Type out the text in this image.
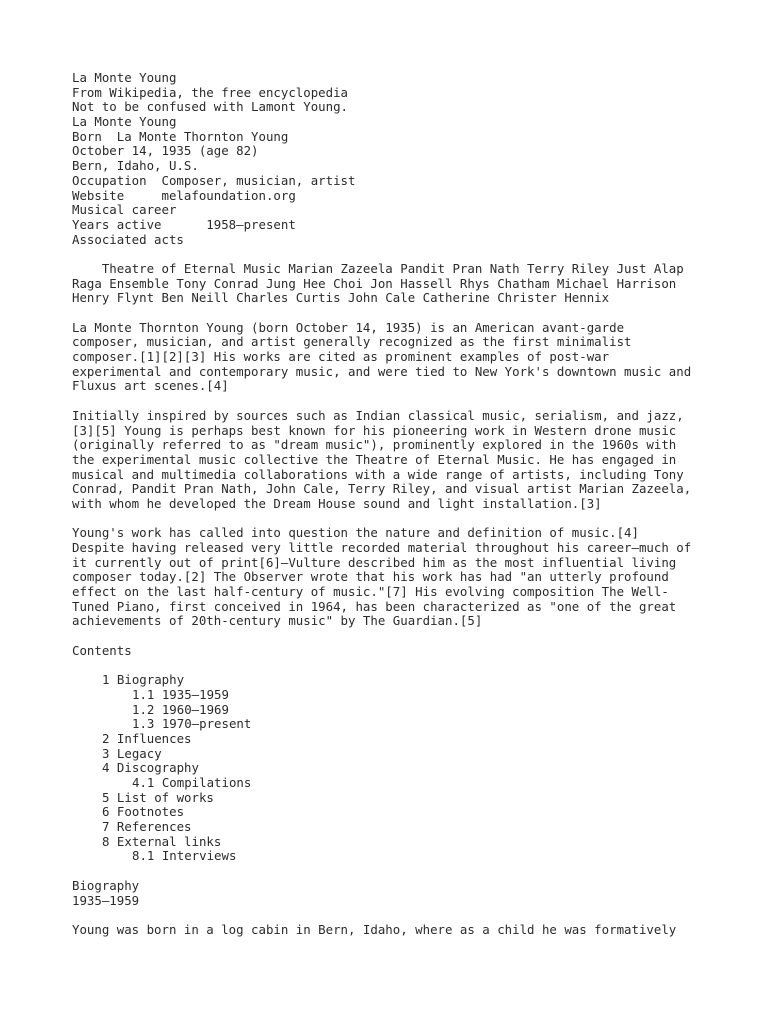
La Monte Young
From Wikipedia, the free encyclopedia
Not to be confused with Lamont Young.
La Monte Young
Born  La Monte Thornton Young
October 14, 1935 (age 82)
Bern, Idaho, U.S.
Occupation  Composer, musician, artist
Website     melafoundation.org
Musical career
Years active      1958–present
Associated acts
Theatre of Eternal Music Marian Zazeela Pandit Pran Nath Terry Riley Just Alap
Raga Ensemble Tony Conrad Jung Hee Choi Jon Hassell Rhys Chatham Michael Harrison
Henry Flynt Ben Neill Charles Curtis John Cale Catherine Christer Hennix
La Monte Thornton Young (born October 14, 1935) is an American avant-garde
composer, musician, and artist generally recognized as the first minimalist
composer.[1][2][3] His works are cited as prominent examples of post-war
experimental and contemporary music, and were tied to New York's downtown music and
Fluxus art scenes.[4]
Initially inspired by sources such as Indian classical music, serialism, and jazz,
[3][5] Young is perhaps best known for his pioneering work in Western drone music
(originally referred to as "dream music"), prominently explored in the 1960s with
the experimental music collective the Theatre of Eternal Music. He has engaged in
musical and multimedia collaborations with a wide range of artists, including Tony
Conrad, Pandit Pran Nath, John Cale, Terry Riley, and visual artist Marian Zazeela,
with whom he developed the Dream House sound and light installation.[3]
Young's work has called into question the nature and definition of music.[4]
Despite having released very little recorded material throughout his career—much of
it currently out of print[6]—Vulture described him as the most influential living
composer today.[2] The Observer wrote that his work has had "an utterly profound
effect on the last half-century of music."[7] His evolving composition The Well-
Tuned Piano, first conceived in 1964, has been characterized as "one of the great
achievements of 20th-century music" by The Guardian.[5]
Contents
1 Biography
1.1 1935–1959
1.2 1960–1969
1.3 1970–present
2 Influences
3 Legacy
4 Discography
4.1 Compilations
5 List of works
6 Footnotes
7 References
8 External links
8.1 Interviews
Biography
1935–1959
Young was born in a log cabin in Bern, Idaho, where as a child he was formatively
